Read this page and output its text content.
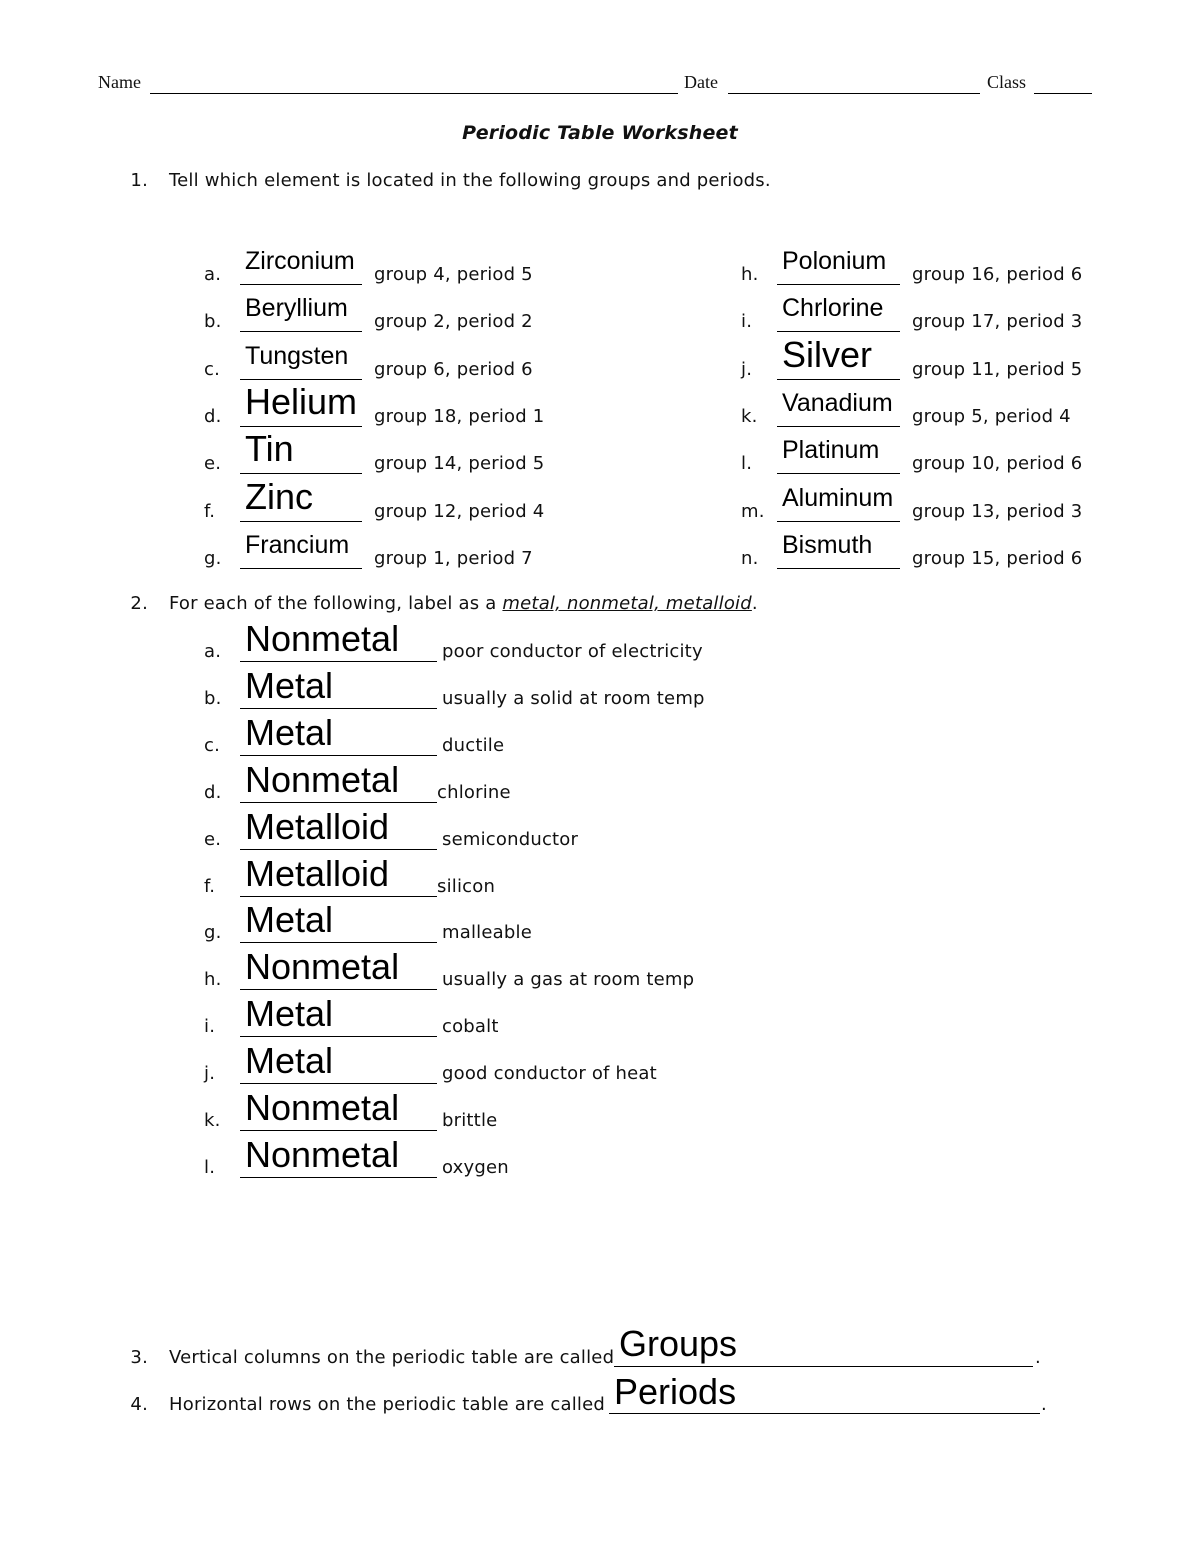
Name	Date	Class
Periodic Table Worksheet
1. Tell which element is located in the following groups and periods.
a. Zirconium group 4, period 5
b. Beryllium group 2, period 2
c. Tungsten group 6, period 6
d. Helium group 18, period 1
e. Tin	group 14, period 5
f. Zinc	group 12, period 4
g. Francium group 1, period 7
h. Polonium group 16, period 6
i.	Chrlorine group 17, period 3
j. Silver group 11, period 5
k. Vanadium group 5, period 4
l.	Platinum group 10, period 6
m. Aluminum group 13, period 3
n. Bismuth group 15, period 6
2. For each of the following, label as a metal, nonmetal, metalloid.
a. Nonmetal poor conductor of electricity
b. Metal	usually a solid at room temp
c. Metal	ductile
d. Nonmetal chlorine
e. Metalloid	semiconductor
f. Metalloid	silicon
g. Metal	malleable
h. Nonmetal usually a gas at room temp
i. Metal	cobalt
j. Metal	good conductor of heat
k. Nonmetal brittle
l. Nonmetal oxygen
3. Vertical columns on the periodic table are called Groups	.
4. Horizontal rows on the periodic table are called Periods	.
